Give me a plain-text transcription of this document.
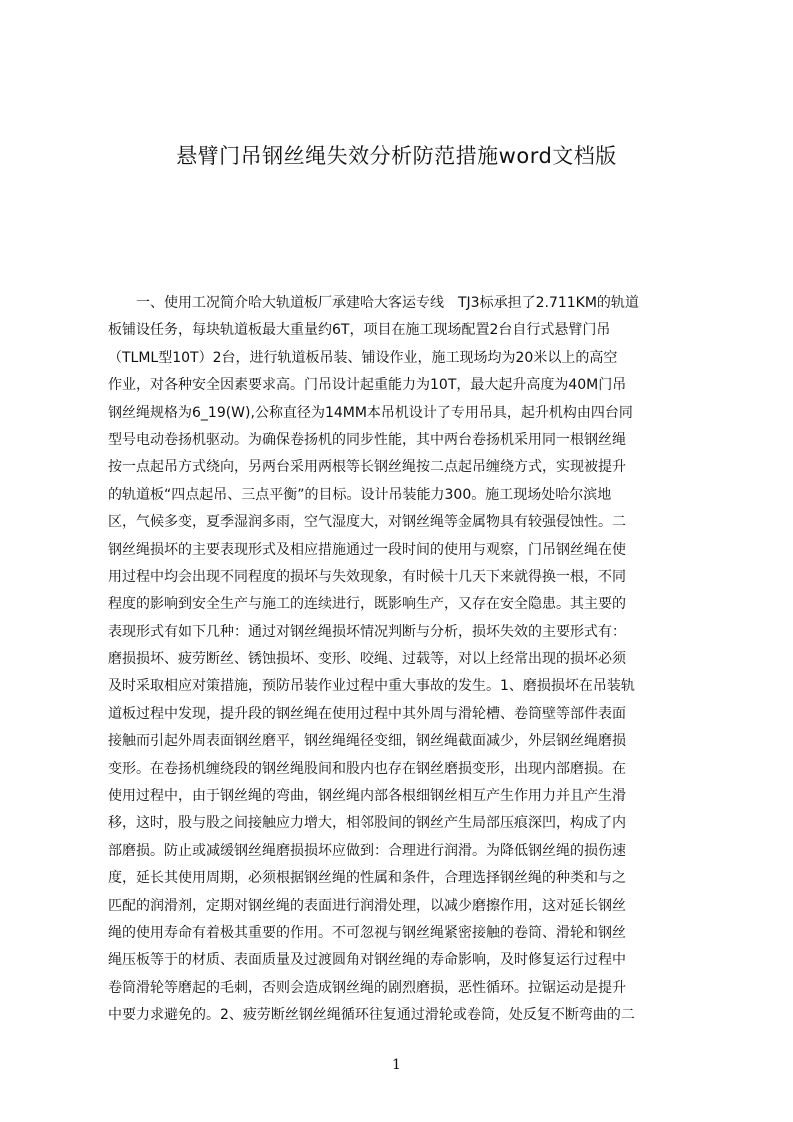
悬臂门吊钢丝绳失效分析防范措施word文档版
　　一、使用工况简介哈大轨道板厂承建哈大客运专线　TJ3标承担了2.711KM的轨道
板铺设任务，每块轨道板最大重量约6T，项目在施工现场配置2台自行式悬臂门吊
（TLML型10T）2台，进行轨道板吊装、铺设作业，施工现场均为20米以上的高空
作业，对各种安全因素要求高。门吊设计起重能力为10T，最大起升高度为40M门吊
钢丝绳规格为6_19(W),公称直径为14MM本吊机设计了专用吊具，起升机构由四台同
型号电动卷扬机驱动。为确保卷扬机的同步性能，其中两台卷扬机采用同一根钢丝绳
按一点起吊方式绕向，另两台采用两根等长钢丝绳按二点起吊缠绕方式，实现被提升
的轨道板“四点起吊、三点平衡”的目标。设计吊装能力300。施工现场处哈尔滨地
区，气候多变，夏季湿润多雨，空气湿度大，对钢丝绳等金属物具有较强侵蚀性。二
钢丝绳损坏的主要表现形式及相应措施通过一段时间的使用与观察，门吊钢丝绳在使
用过程中均会出现不同程度的损坏与失效现象，有时候十几天下来就得换一根，不同
程度的影响到安全生产与施工的连续进行，既影响生产，又存在安全隐患。其主要的
表现形式有如下几种：通过对钢丝绳损坏情况判断与分析，损坏失效的主要形式有：
磨损损坏、疲劳断丝、锈蚀损坏、变形、咬绳、过载等，对以上经常出现的损坏必须
及时采取相应对策措施，预防吊装作业过程中重大事故的发生。1、磨损损坏在吊装轨
道板过程中发现，提升段的钢丝绳在使用过程中其外周与滑轮槽、卷筒壁等部件表面
接触而引起外周表面钢丝磨平，钢丝绳绳径变细，钢丝绳截面减少，外层钢丝绳磨损
变形。在卷扬机缠绕段的钢丝绳股间和股内也存在钢丝磨损变形，出现内部磨损。在
使用过程中，由于钢丝绳的弯曲，钢丝绳内部各根细钢丝相互产生作用力并且产生滑
移，这时，股与股之间接触应力增大，相邻股间的钢丝产生局部压痕深凹，构成了内
部磨损。防止或减缓钢丝绳磨损损坏应做到：合理进行润滑。为降低钢丝绳的损伤速
度，延长其使用周期，必须根据钢丝绳的性属和条件，合理选择钢丝绳的种类和与之
匹配的润滑剂，定期对钢丝绳的表面进行润滑处理，以减少磨擦作用，这对延长钢丝
绳的使用寿命有着极其重要的作用。不可忽视与钢丝绳紧密接触的卷筒、滑轮和钢丝
绳压板等于的材质、表面质量及过渡圆角对钢丝绳的寿命影响，及时修复运行过程中
卷筒滑轮等磨起的毛刺，否则会造成钢丝绳的剧烈磨损，恶性循环。拉锯运动是提升
中要力求避免的。2、疲劳断丝钢丝绳循环往复通过滑轮或卷筒，处反复不断弯曲的二
1
